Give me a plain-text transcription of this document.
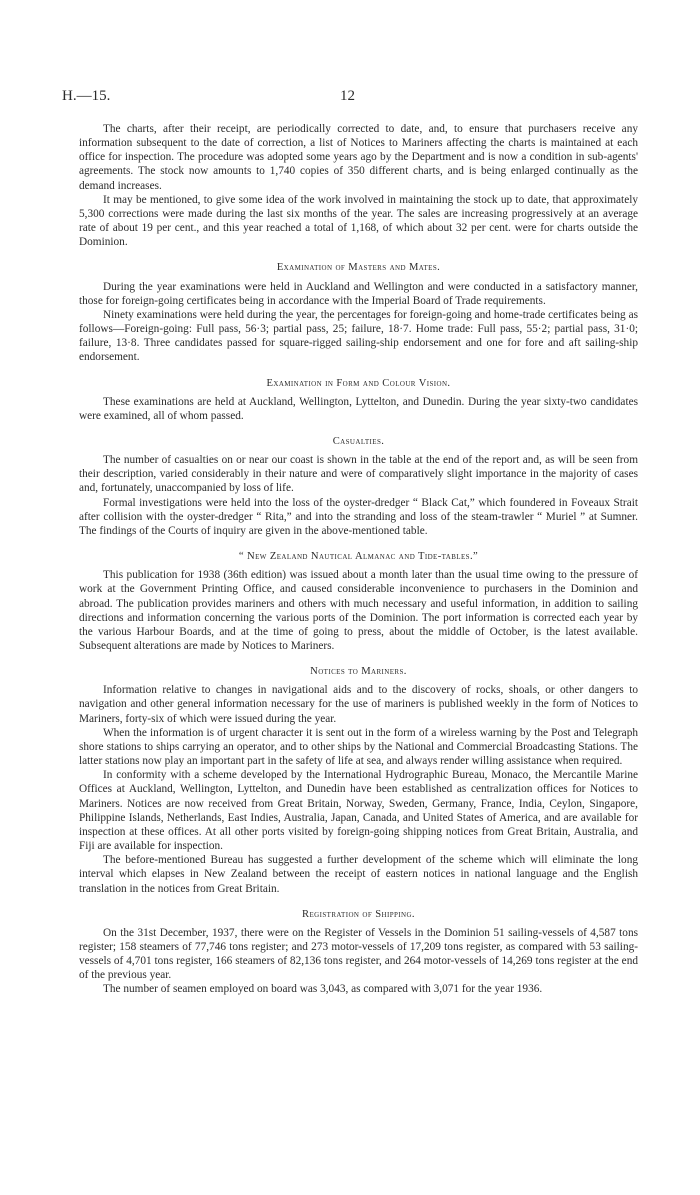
H.—15.	12

The charts, after their receipt, are periodically corrected to date, and, to ensure that purchasers receive any information subsequent to the date of correction, a list of Notices to Mariners affecting the charts is maintained at each office for inspection. The procedure was adopted some years ago by the Department and is now a condition in sub-agents' agreements. The stock now amounts to 1,740 copies of 350 different charts, and is being enlarged continually as the demand increases.

It may be mentioned, to give some idea of the work involved in maintaining the stock up to date, that approximately 5,300 corrections were made during the last six months of the year. The sales are increasing progressively at an average rate of about 19 per cent., and this year reached a total of 1,168, of which about 32 per cent. were for charts outside the Dominion.

Examination of Masters and Mates.

During the year examinations were held in Auckland and Wellington and were conducted in a satisfactory manner, those for foreign-going certificates being in accordance with the Imperial Board of Trade requirements.

Ninety examinations were held during the year, the percentages for foreign-going and home-trade certificates being as follows—Foreign-going: Full pass, 56·3; partial pass, 25; failure, 18·7. Home trade: Full pass, 55·2; partial pass, 31·0; failure, 13·8. Three candidates passed for square-rigged sailing-ship endorsement and one for fore and aft sailing-ship endorsement.

Examination in Form and Colour Vision.

These examinations are held at Auckland, Wellington, Lyttelton, and Dunedin. During the year sixty-two candidates were examined, all of whom passed.

Casualties.

The number of casualties on or near our coast is shown in the table at the end of the report and, as will be seen from their description, varied considerably in their nature and were of comparatively slight importance in the majority of cases and, fortunately, unaccompanied by loss of life.

Formal investigations were held into the loss of the oyster-dredger “ Black Cat,” which foundered in Foveaux Strait after collision with the oyster-dredger “ Rita,” and into the stranding and loss of the steam-trawler “ Muriel ” at Sumner. The findings of the Courts of inquiry are given in the above-mentioned table.

“ New Zealand Nautical Almanac and Tide-tables.”

This publication for 1938 (36th edition) was issued about a month later than the usual time owing to the pressure of work at the Government Printing Office, and caused considerable inconvenience to purchasers in the Dominion and abroad. The publication provides mariners and others with much necessary and useful information, in addition to sailing directions and information concerning the various ports of the Dominion. The port information is corrected each year by the various Harbour Boards, and at the time of going to press, about the middle of October, is the latest available. Subsequent alterations are made by Notices to Mariners.

Notices to Mariners.

Information relative to changes in navigational aids and to the discovery of rocks, shoals, or other dangers to navigation and other general information necessary for the use of mariners is published weekly in the form of Notices to Mariners, forty-six of which were issued during the year.

When the information is of urgent character it is sent out in the form of a wireless warning by the Post and Telegraph shore stations to ships carrying an operator, and to other ships by the National and Commercial Broadcasting Stations. The latter stations now play an important part in the safety of life at sea, and always render willing assistance when required.

In conformity with a scheme developed by the International Hydrographic Bureau, Monaco, the Mercantile Marine Offices at Auckland, Wellington, Lyttelton, and Dunedin have been established as centralization offices for Notices to Mariners. Notices are now received from Great Britain, Norway, Sweden, Germany, France, India, Ceylon, Singapore, Philippine Islands, Netherlands, East Indies, Australia, Japan, Canada, and United States of America, and are available for inspection at these offices. At all other ports visited by foreign-going shipping notices from Great Britain, Australia, and Fiji are available for inspection.

The before-mentioned Bureau has suggested a further development of the scheme which will eliminate the long interval which elapses in New Zealand between the receipt of eastern notices in national language and the English translation in the notices from Great Britain.

Registration of Shipping.

On the 31st December, 1937, there were on the Register of Vessels in the Dominion 51 sailing-vessels of 4,587 tons register; 158 steamers of 77,746 tons register; and 273 motor-vessels of 17,209 tons register, as compared with 53 sailing-vessels of 4,701 tons register, 166 steamers of 82,136 tons register, and 264 motor-vessels of 14,269 tons register at the end of the previous year.

The number of seamen employed on board was 3,043, as compared with 3,071 for the year 1936.
